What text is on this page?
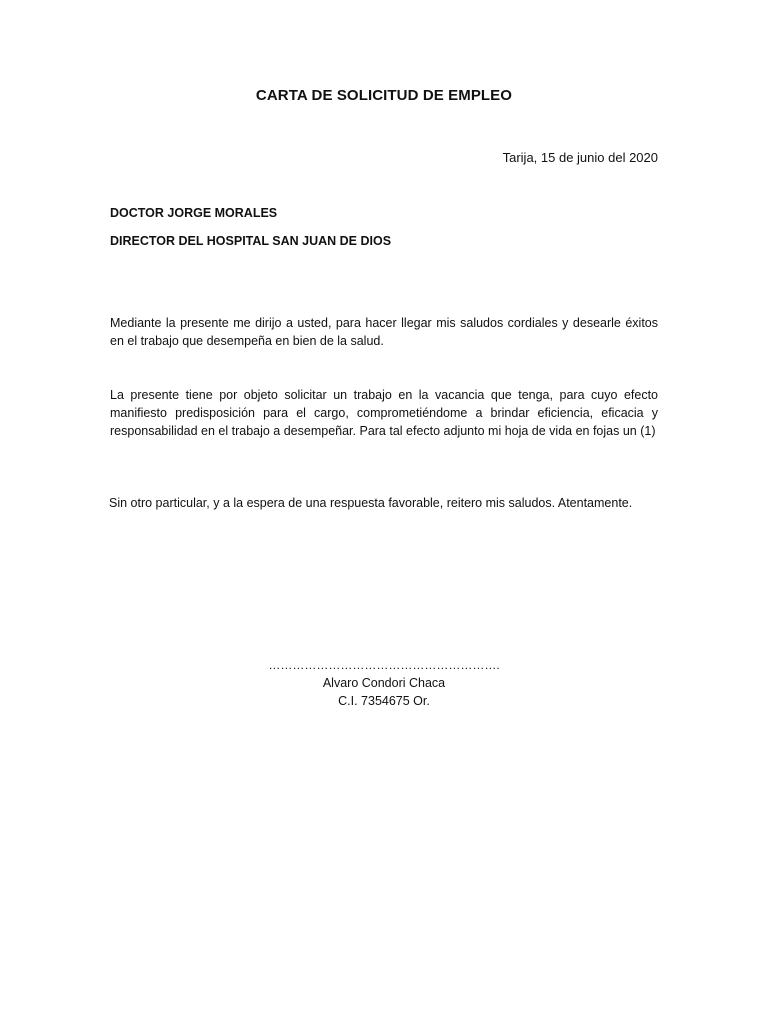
CARTA DE SOLICITUD DE EMPLEO
Tarija, 15 de junio del 2020
DOCTOR JORGE MORALES
DIRECTOR DEL HOSPITAL SAN JUAN DE DIOS
Mediante la presente me dirijo a usted, para hacer llegar mis saludos cordiales y desearle éxitos en el trabajo que desempeña en bien de la salud.
La presente tiene por objeto solicitar un trabajo en la vacancia que tenga, para cuyo efecto manifiesto predisposición para el cargo, comprometiéndome a brindar eficiencia, eficacia y responsabilidad en el trabajo a desempeñar. Para tal efecto adjunto mi hoja de vida en fojas un (1)
Sin otro particular, y a la espera de una respuesta favorable, reitero mis saludos. Atentamente.
………………………………………………….
Alvaro Condori Chaca
C.I. 7354675 Or.
